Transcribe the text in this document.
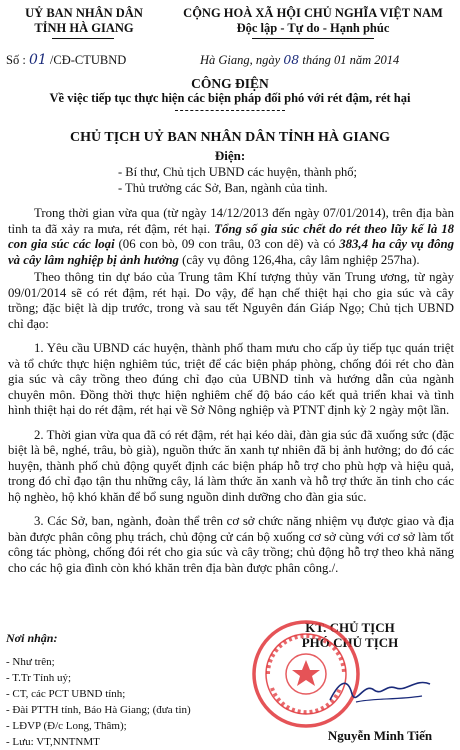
UỶ BAN NHÂN DÂN
TỈNH HÀ GIANG
Số : 01 /CĐ-CTUBND
CỘNG HOÀ XÃ HỘI CHỦ NGHĨA VIỆT NAM
Độc lập - Tự do - Hạnh phúc
Hà Giang, ngày 08 tháng 01 năm 2014
CÔNG ĐIỆN
Về việc tiếp tục thực hiện các biện pháp đối phó với rét đậm, rét hại
CHỦ TỊCH UỶ BAN NHÂN DÂN TỈNH HÀ GIANG
Điện:
- Bí thư, Chủ tịch UBND các huyện, thành phố;
- Thủ trưởng các Sở, Ban, ngành của tỉnh.

Trong thời gian vừa qua (từ ngày 14/12/2013 đến ngày 07/01/2014), trên địa bàn tỉnh ta đã xảy ra mưa, rét đậm, rét hại. Tổng số gia súc chết do rét theo lũy kế là 18 con gia súc các loại (06 con bò, 09 con trâu, 03 con dê) và có 383,4 ha cây vụ đông và cây lâm nghiệp bị ảnh hưởng (cây vụ đông 126,4ha, cây lâm nghiệp 257ha).

Theo thông tin dự báo của Trung tâm Khí tượng thủy văn Trung ương, từ ngày 09/01/2014 sẽ có rét đậm, rét hại. Do vậy, để hạn chế thiệt hại cho gia súc và cây trồng; đặc biệt là dịp trước, trong và sau tết Nguyên đán Giáp Ngọ; Chủ tịch UBND chỉ đạo:

1. Yêu cầu UBND các huyện, thành phố tham mưu cho cấp ủy tiếp tục quán triệt và tổ chức thực hiện nghiêm túc, triệt để các biện pháp phòng, chống đói rét cho đàn gia súc và cây trồng theo đúng chỉ đạo của UBND tỉnh và hướng dẫn của ngành chuyên môn. Đồng thời thực hiện nghiêm chế độ báo cáo kết quả triển khai và tình hình thiệt hại do rét đậm, rét hại về Sở Nông nghiệp và PTNT định kỳ 2 ngày một lần.

2. Thời gian vừa qua đã có rét đậm, rét hại kéo dài, đàn gia súc đã xuống sức (đặc biệt là bê, nghé, trâu, bò già), nguồn thức ăn xanh tự nhiên đã bị ảnh hưởng; do đó các huyện, thành phố chủ động quyết định các biện pháp hỗ trợ cho phù hợp và hiệu quả, trong đó chỉ đạo tận thu những cây, lá làm thức ăn xanh và hỗ trợ thức ăn tinh cho các hộ nghèo, hộ khó khăn để bổ sung nguồn dinh dưỡng cho đàn gia súc.

3. Các Sở, ban, ngành, đoàn thể trên cơ sở chức năng nhiệm vụ được giao và địa bàn được phân công phụ trách, chủ động cử cán bộ xuống cơ sở cùng với cơ sở làm tốt công tác phòng, chống đói rét cho gia súc và cây trồng; chủ động hỗ trợ theo khả năng cho các hộ gia đình còn khó khăn trên địa bàn được phân công./.

Nơi nhận:
- Như trên;
- T.Tr Tỉnh uỷ;
- CT, các PCT UBND tỉnh;
- Đài PTTH tỉnh, Báo Hà Giang; (đưa tin)
- LĐVP (Đ/c Long, Thâm);
- Lưu: VT,NNTNMT
KT. CHỦ TỊCH
PHÓ CHỦ TỊCH
Nguyễn Minh Tiến
